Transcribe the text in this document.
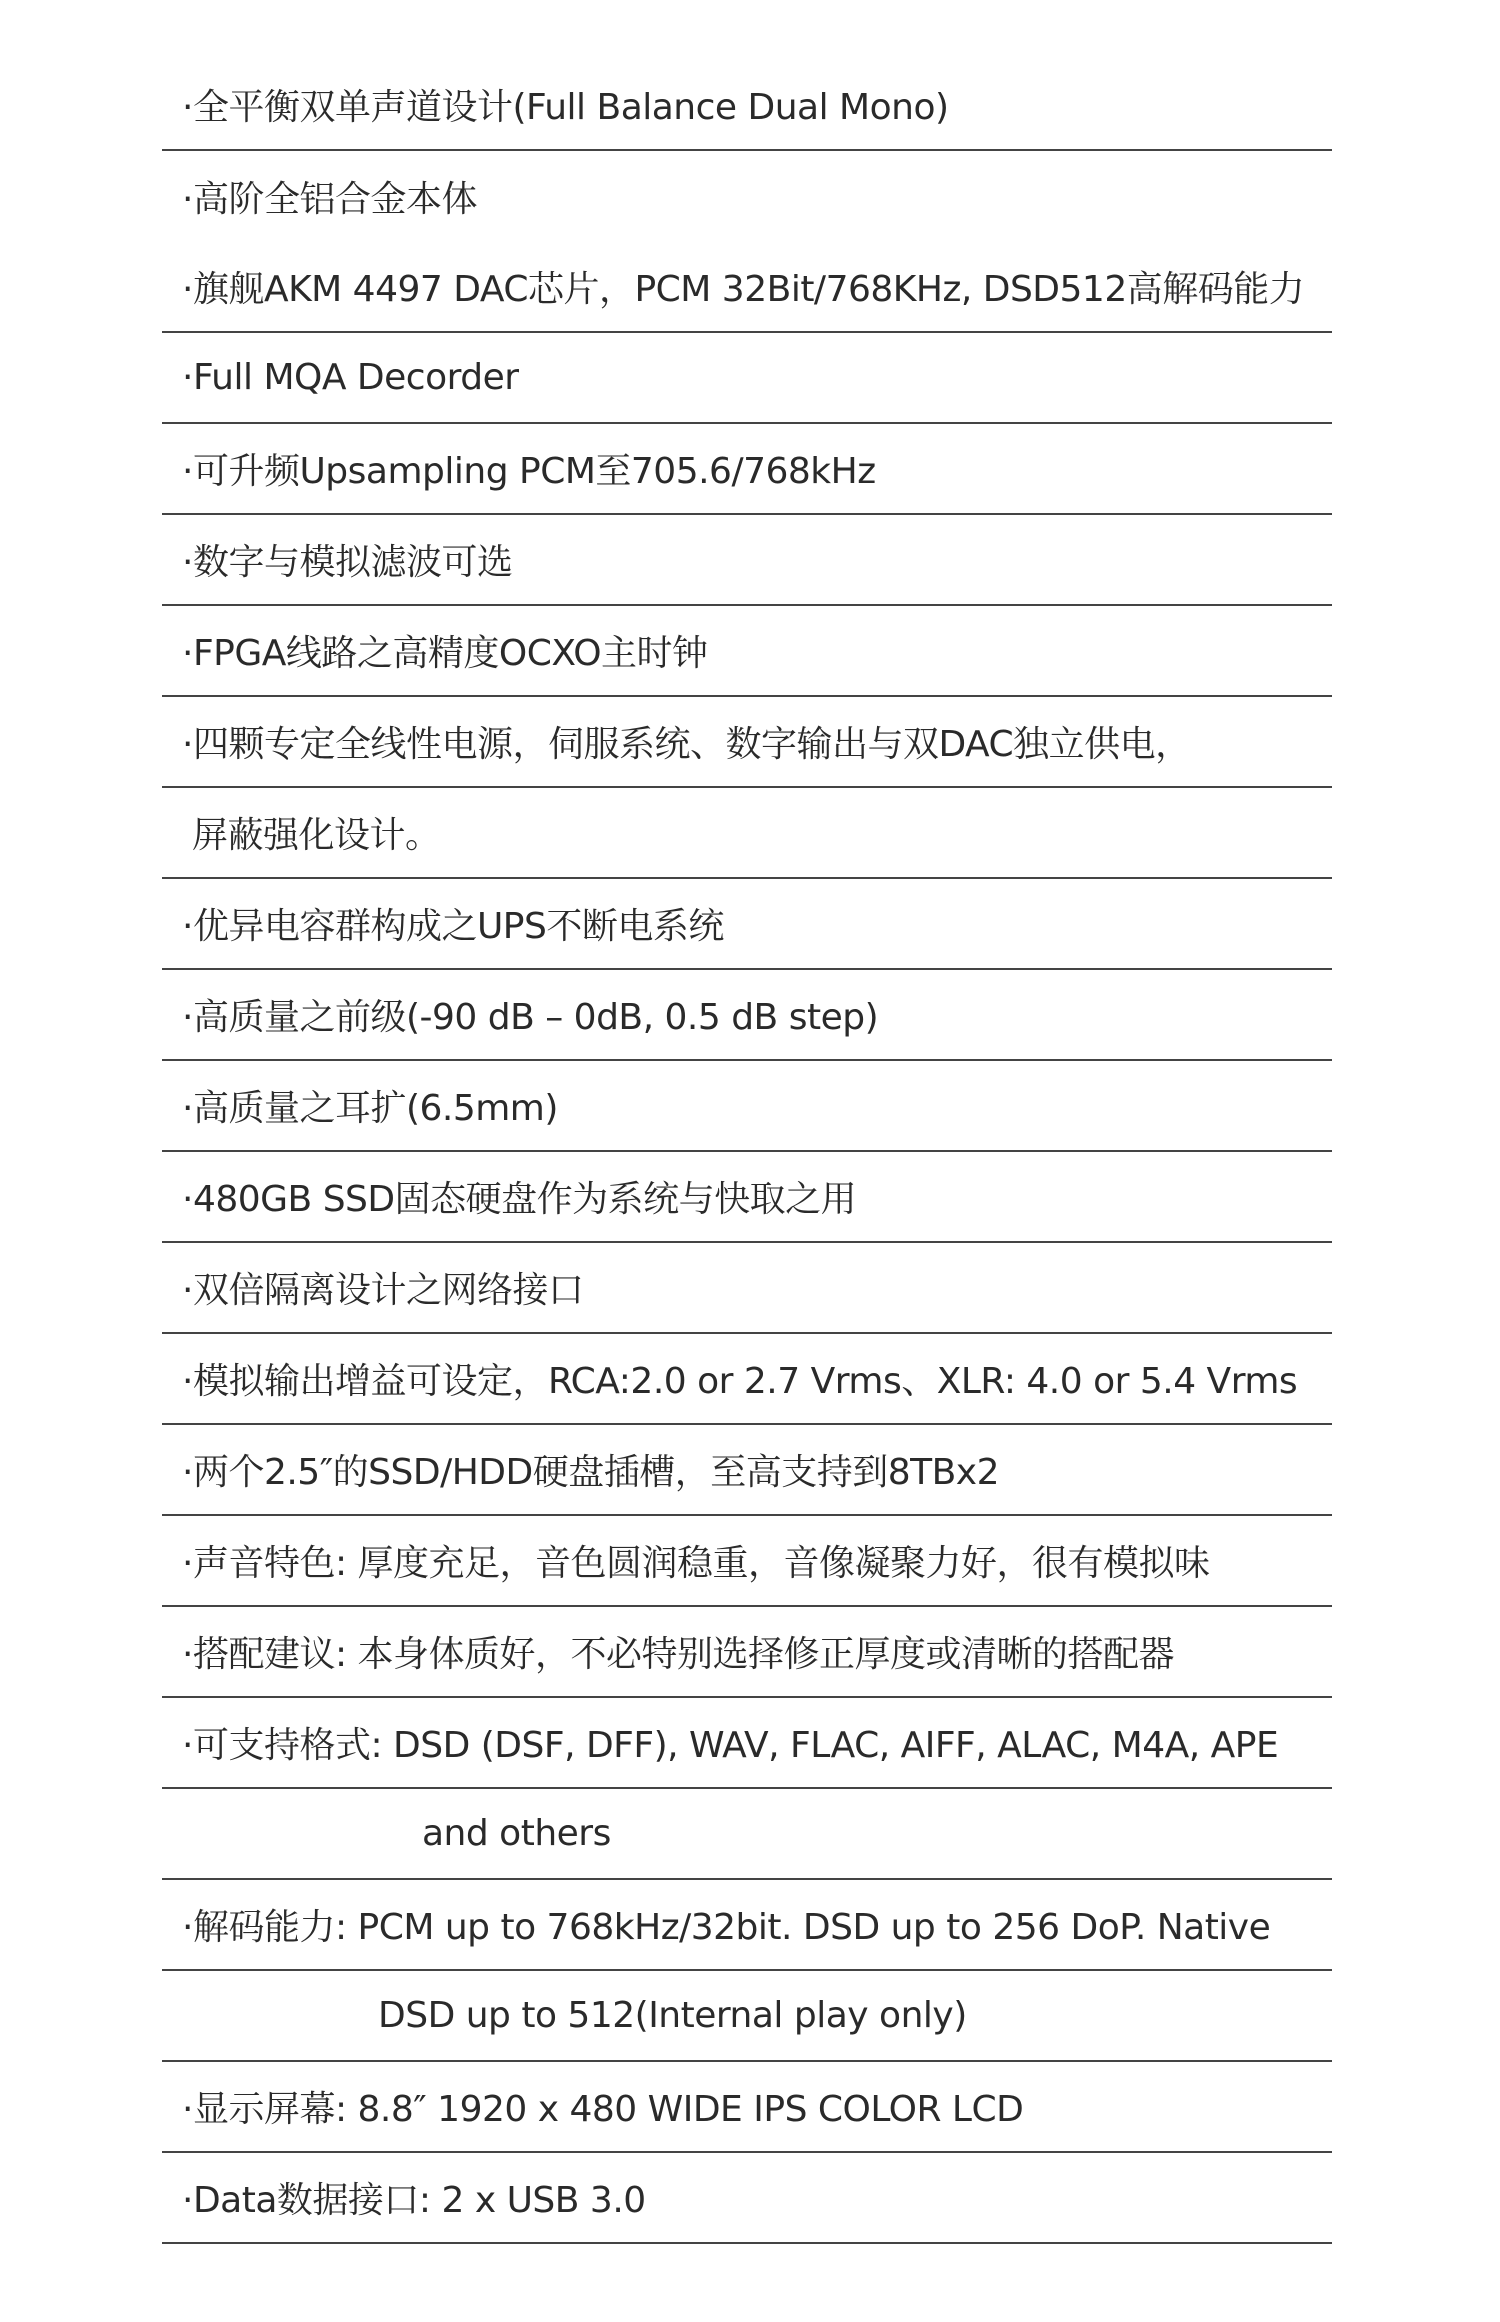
·全平衡双单声道设计(Full Balance Dual Mono)
·高阶全铝合金本体
·旗舰AKM 4497 DAC芯片，PCM 32Bit/768KHz, DSD512高解码能力
·Full MQA Decorder
·可升频Upsampling PCM至705.6/768kHz
·数字与模拟滤波可选
·FPGA线路之高精度OCXO主时钟
·四颗专定全线性电源，伺服系统、数字输出与双DAC独立供电，
屏蔽强化设计。
·优异电容群构成之UPS不断电系统
·高质量之前级(-90 dB – 0dB, 0.5 dB step)
·高质量之耳扩(6.5mm)
·480GB SSD固态硬盘作为系统与快取之用
·双倍隔离设计之网络接口
·模拟输出增益可设定，RCA:2.0 or 2.7 Vrms、XLR: 4.0 or 5.4 Vrms
·两个2.5″的SSD/HDD硬盘插槽，至高支持到8TBx2
·声音特色: 厚度充足，音色圆润稳重，音像凝聚力好，很有模拟味
·搭配建议: 本身体质好，不必特别选择修正厚度或清晰的搭配器
·可支持格式: DSD (DSF, DFF), WAV, FLAC, AIFF, ALAC, M4A, APE
and others
·解码能力: PCM up to 768kHz/32bit. DSD up to 256 DoP. Native
DSD up to 512(Internal play only)
·显示屏幕: 8.8″ 1920 x 480 WIDE IPS COLOR LCD
·Data数据接口: 2 x USB 3.0
